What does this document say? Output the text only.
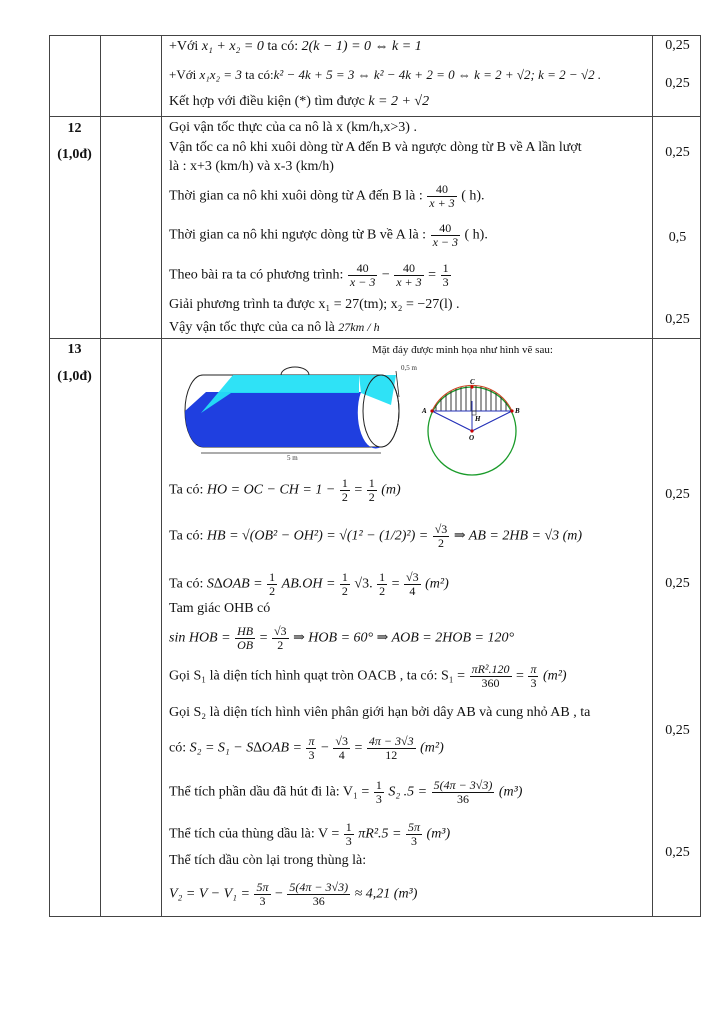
+Với x₁ + x₂ = 0 ta có: 2(k − 1) = 0 ⇔ k = 1
+Với x₁x₂ = 3 ta có:k² − 4k + 5 = 3 ⇔ k² − 4k + 2 = 0 ⇔ k = 2 + √2; k = 2 − √2 .
Kết hợp với điều kiện (*) tìm được k = 2 + √2
0,25
0,25
12
(1,0đ)
Gọi vận tốc thực của ca nô là x (km/h,x>3) .
Vận tốc ca nô khi xuôi dòng từ A đến B và ngược dòng từ B về A lần lượt
là : x+3 (km/h) và x-3 (km/h)
Thời gian ca nô khi xuôi dòng từ A đến B là : $\frac{40}{x + 3}$ ( h).
Thời gian ca nô khi ngược dòng từ B về A là : $\frac{40}{x - 3}$ ( h).
Theo bài ra ta có phương trình: $\frac{40}{x - 3} - \frac{40}{x + 3} = \frac{1}{3}$
Giải phương trình ta được x₁ = 27(tm); x₂ = −27(l) .
Vậy vận tốc thực của ca nô là 27km / h
0,25
0,5
0,25
13
(1,0đ)
Mặt đáy được minh họa như hình vẽ sau:
0,5 m
5 m
A	B
C
H
O
Ta có: HO = OC − CH = $1 - \frac{1}{2} = \frac{1}{2} (m)$
Ta có: HB = $√(OB^2 - OH^2) = √(1^2 - (1/2)^2) = \frac{√3}{2}$ ⇒ AB = 2HB = √3 (m)
Ta có: $S\Delta OAB = \frac{1}{2} AB.OH = \frac{1}{2} √3$. $\frac{1}{2} = \frac{√3}{4} (m^2)$
Tam giác OHB có
sin HOB = $\frac{HB}{OB} = \frac{√3}{2}$ ⇒ HOB = 60° ⇒ AOB = 2HOB = 120°
Gọi S₁ là diện tích hình quạt tròn OACB , ta có: $S_1 = \frac{\text{πR².120}}{360} = \frac{\pi}{3} (m^2)$
Gọi S₂ là diện tích hình viên phân giới hạn bởi dây AB và cung nhỏ AB , ta
có: $S_2 = S_1 - S\Delta OAB = \frac{\pi}{3} - \frac{√3}{4} = \frac{4\pi - 3√3}{12} (m^2)$
Thể tích phần dầu đã hút đi là: $V_1 = \frac{1}{3} S_2$ $.5 = \frac{5(4\pi - 3√3)}{36} (m^3)$
Thể tích của thùng dầu là: $V = \frac{1}{3} \pi R^2.5 = \frac{5\pi}{3} (m^3)$
Thể tích dầu còn lại trong thùng là:
$V_2 = V - V_1 = \frac{5\pi}{3} - \frac{5(4\pi - 3√3)}{36} \approx 4,21$ (m³)
0,25
0,25
0,25
0,25
